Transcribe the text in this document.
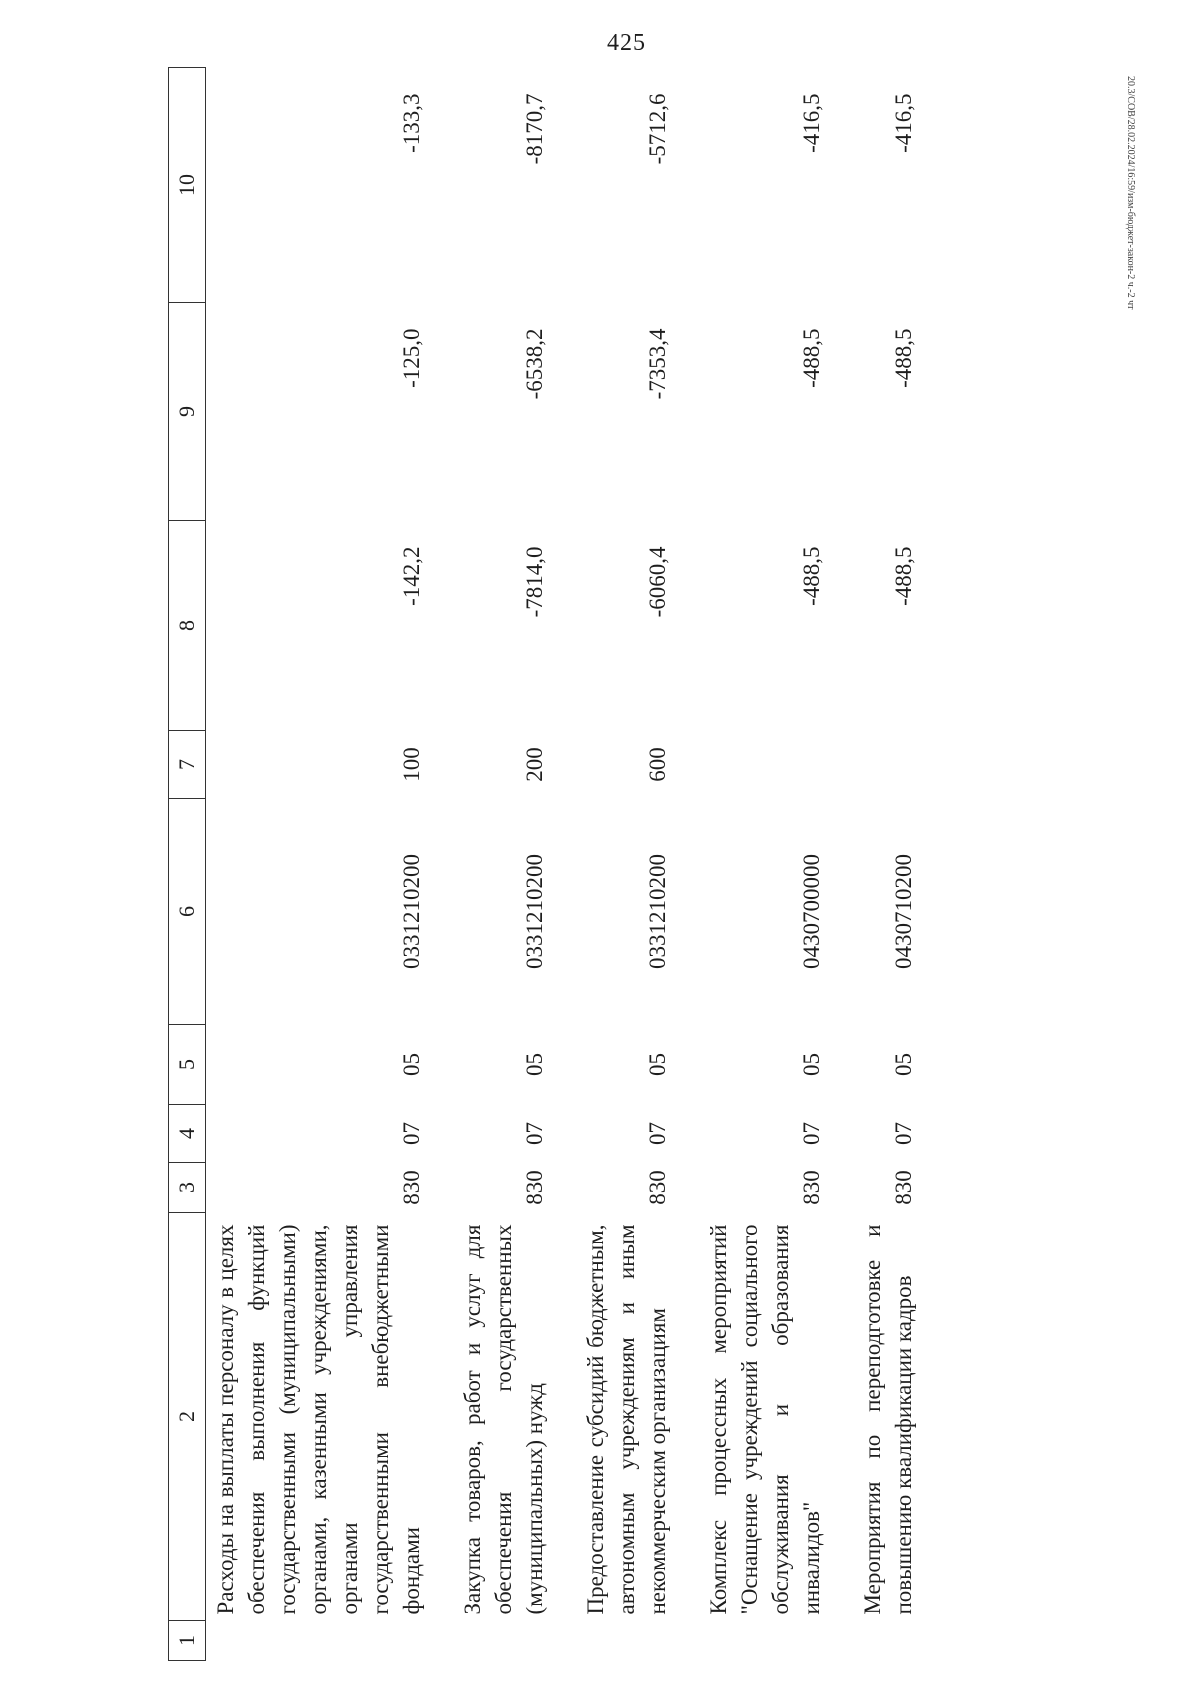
425
20.3/СОВ/28.02.2024/16:59/изм-бюджет-закон-2 ч.-2 чт
1	2	3	4	5	6	7	8	9	10
	Расходы на выплаты персоналу в целях обеспечения выполнения функций государственными (муниципальными) органами, казенными учреждениями, органами управления государственными внебюджетными фондами	830	07	05	0331210200	100	-142,2	-125,0	-133,3
	Закупка товаров, работ и услуг для обеспечения государственных (муниципальных) нужд	830	07	05	0331210200	200	-7814,0	-6538,2	-8170,7
	Предоставление субсидий бюджетным, автономным учреждениям и иным некоммерческим организациям	830	07	05	0331210200	600	-6060,4	-7353,4	-5712,6
	Комплекс процессных мероприятий "Оснащение учреждений социального обслуживания и образования инвалидов"	830	07	05	0430700000		-488,5	-488,5	-416,5
	Мероприятия по переподготовке и повышению квалификации кадров	830	07	05	0430710200		-488,5	-488,5	-416,5
